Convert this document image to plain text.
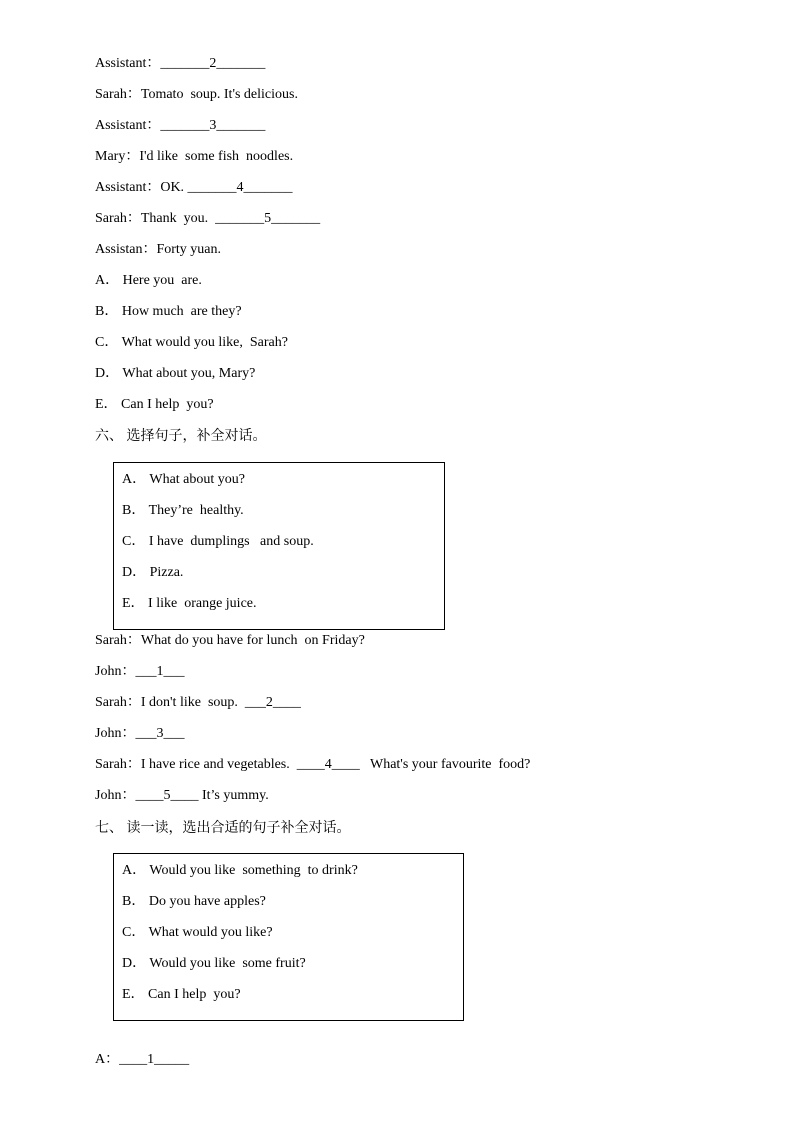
Assistant：_______2_______
Sarah：Tomato  soup. It's delicious.
Assistant：_______3_______
Mary：I'd like  some fish  noodles.
Assistant：OK. _______4_______
Sarah：Thank  you.  _______5_______
Assistan：Forty yuan.
A． Here you  are.
B． How much  are they?
C． What would you like,  Sarah?
D． What about you, Mary?
E． Can I help  you?
六、 选择句子，补全对话。
A． What about you?
B． They’re  healthy.
C． I have  dumplings   and soup.
D． Pizza.
E． I like  orange juice.
Sarah：What do you have for lunch  on Friday?
John：___1___
Sarah：I don't like  soup.  ___2____
John：___3___
Sarah：I have rice and vegetables.  ____4____   What's your favourite  food?
John：____5____ It’s yummy.
七、 读一读，选出合适的句子补全对话。
A． Would you like  something  to drink?
B． Do you have apples?
C． What would you like?
D． Would you like  some fruit?
E． Can I help  you?
A：____1_____
